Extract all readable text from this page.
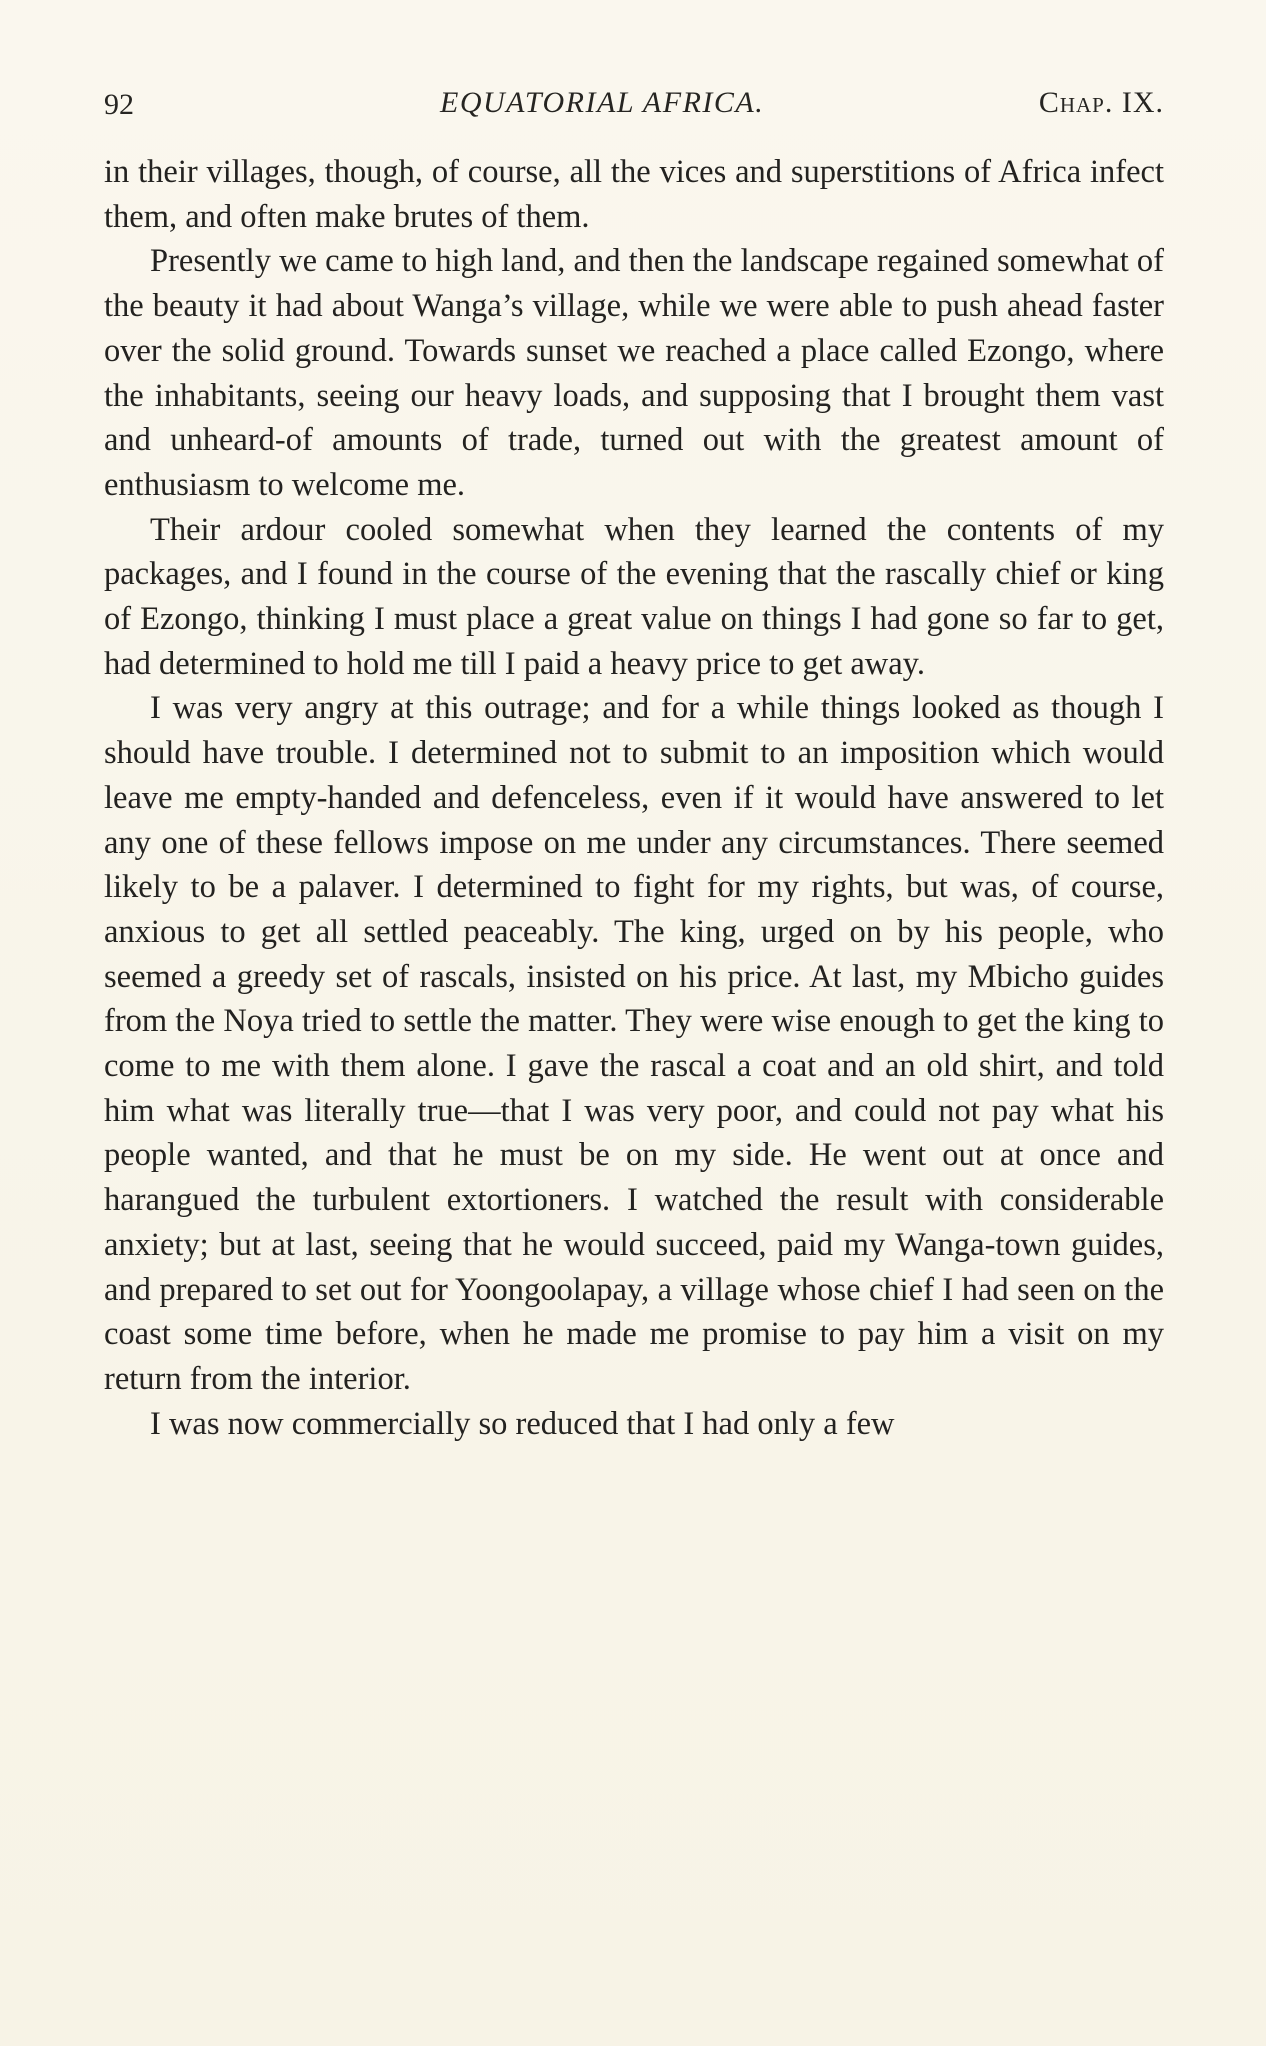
92	EQUATORIAL AFRICA.	Chap. IX.

in their villages, though, of course, all the vices and superstitions of Africa infect them, and often make brutes of them.

Presently we came to high land, and then the landscape regained somewhat of the beauty it had about Wanga’s village, while we were able to push ahead faster over the solid ground. Towards sunset we reached a place called Ezongo, where the inhabitants, seeing our heavy loads, and supposing that I brought them vast and unheard-of amounts of trade, turned out with the greatest amount of enthusiasm to welcome me.

Their ardour cooled somewhat when they learned the contents of my packages, and I found in the course of the evening that the rascally chief or king of Ezongo, thinking I must place a great value on things I had gone so far to get, had determined to hold me till I paid a heavy price to get away.

I was very angry at this outrage; and for a while things looked as though I should have trouble. I determined not to submit to an imposition which would leave me empty-handed and defenceless, even if it would have answered to let any one of these fellows impose on me under any circumstances. There seemed likely to be a palaver. I determined to fight for my rights, but was, of course, anxious to get all settled peaceably. The king, urged on by his people, who seemed a greedy set of rascals, insisted on his price. At last, my Mbicho guides from the Noya tried to settle the matter. They were wise enough to get the king to come to me with them alone. I gave the rascal a coat and an old shirt, and told him what was literally true—that I was very poor, and could not pay what his people wanted, and that he must be on my side. He went out at once and harangued the turbulent extortioners. I watched the result with considerable anxiety; but at last, seeing that he would succeed, paid my Wanga-town guides, and prepared to set out for Yoongoolapay, a village whose chief I had seen on the coast some time before, when he made me promise to pay him a visit on my return from the interior.

I was now commercially so reduced that I had only a few
